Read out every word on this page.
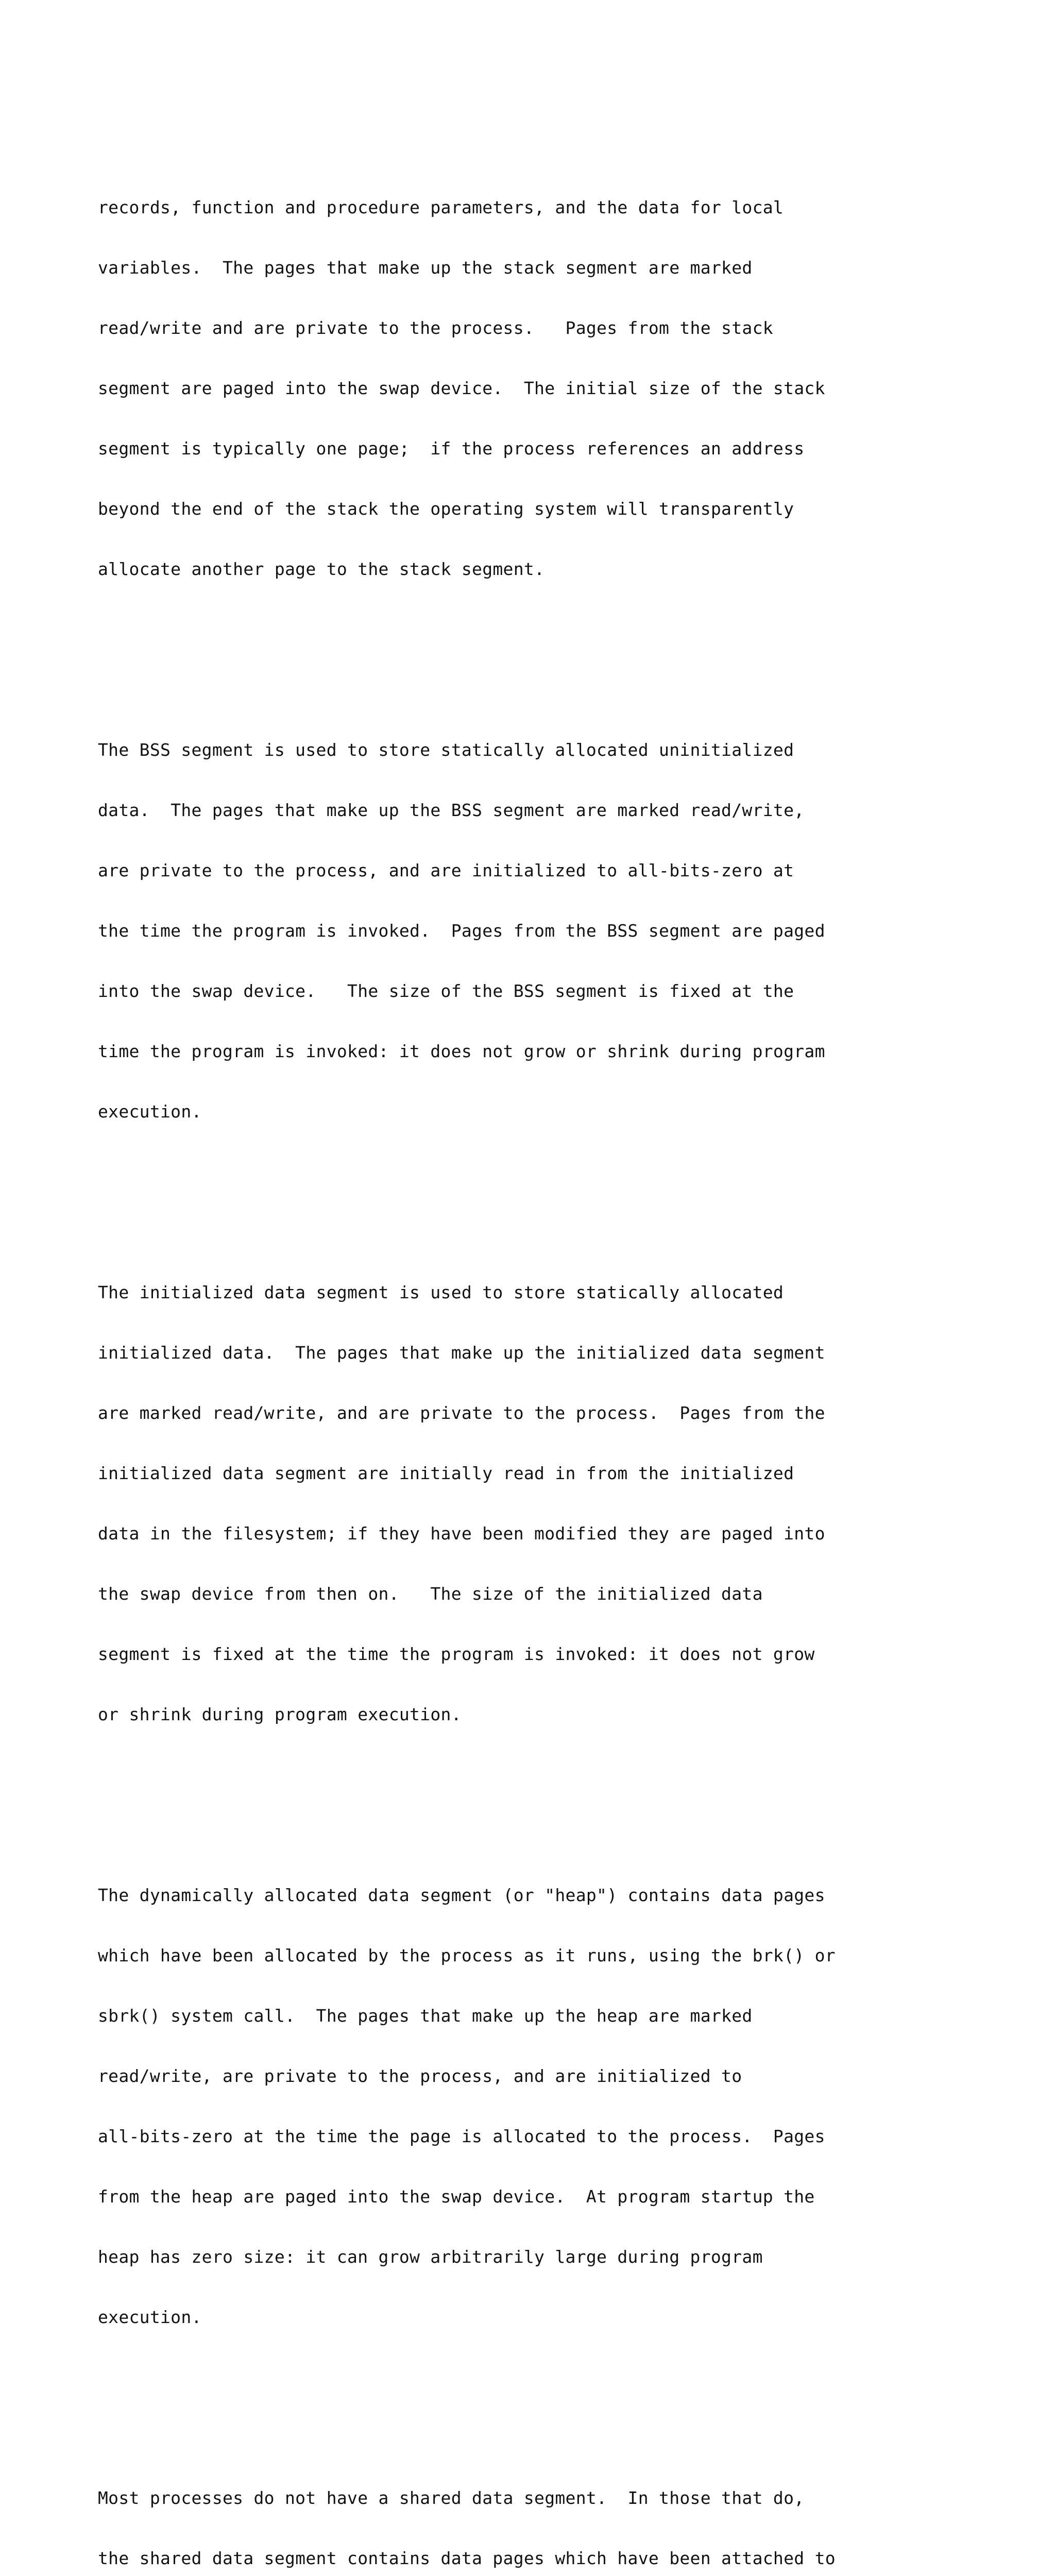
records, function and procedure parameters, and the data for local

variables.  The pages that make up the stack segment are marked

read/write and are private to the process.   Pages from the stack

segment are paged into the swap device.  The initial size of the stack

segment is typically one page;  if the process references an address

beyond the end of the stack the operating system will transparently

allocate another page to the stack segment.

The BSS segment is used to store statically allocated uninitialized

data.  The pages that make up the BSS segment are marked read/write,

are private to the process, and are initialized to all-bits-zero at

the time the program is invoked.  Pages from the BSS segment are paged

into the swap device.   The size of the BSS segment is fixed at the

time the program is invoked: it does not grow or shrink during program

execution.

The initialized data segment is used to store statically allocated

initialized data.  The pages that make up the initialized data segment

are marked read/write, and are private to the process.  Pages from the

initialized data segment are initially read in from the initialized

data in the filesystem; if they have been modified they are paged into

the swap device from then on.   The size of the initialized data

segment is fixed at the time the program is invoked: it does not grow

or shrink during program execution.

The dynamically allocated data segment (or "heap") contains data pages

which have been allocated by the process as it runs, using the brk() or

sbrk() system call.  The pages that make up the heap are marked

read/write, are private to the process, and are initialized to

all-bits-zero at the time the page is allocated to the process.  Pages

from the heap are paged into the swap device.  At program startup the

heap has zero size: it can grow arbitrarily large during program

execution.

Most processes do not have a shared data segment.  In those that do,

the shared data segment contains data pages which have been attached to
